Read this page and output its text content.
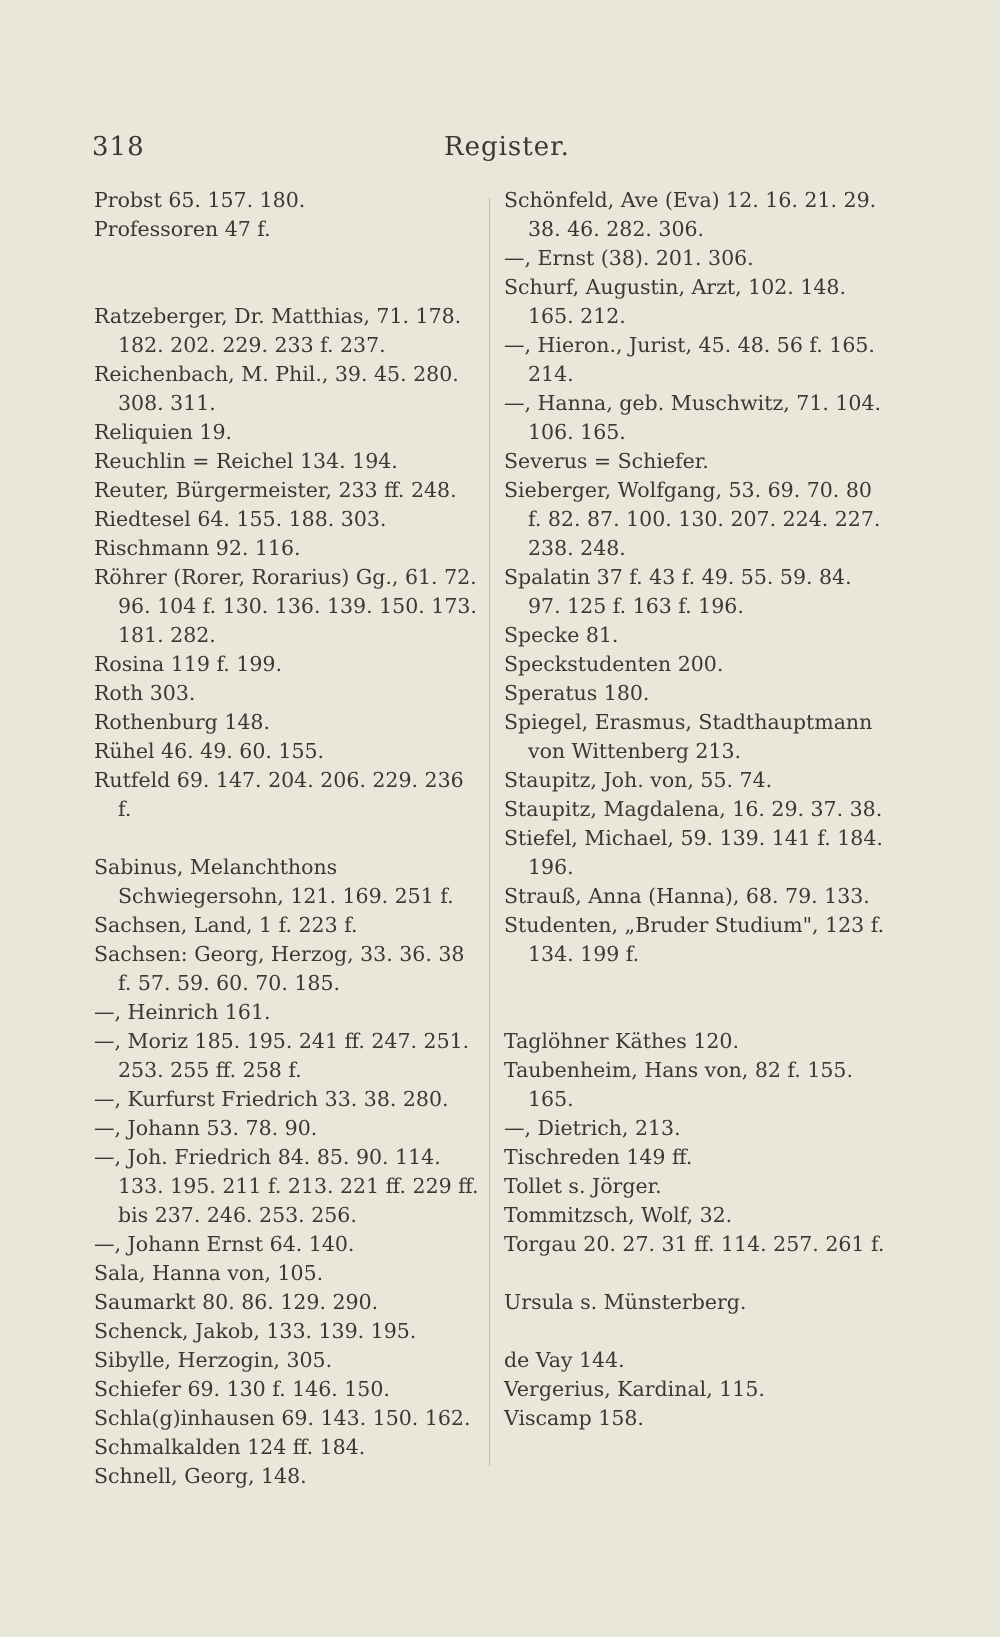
318	Register.

Probst 65. 157. 180.

Professoren 47 f.

Ratzeberger, Dr. Matthias, 71. 178. 182. 202. 229. 233 f. 237.

Reichenbach, M. Phil., 39. 45. 280. 308. 311.

Reliquien 19.

Reuchlin = Reichel 134. 194.

Reuter, Bürgermeister, 233 ff. 248.

Riedtesel 64. 155. 188. 303.

Rischmann 92. 116.

Röhrer (Rorer, Rorarius) Gg., 61. 72. 96. 104 f. 130. 136. 139. 150. 173. 181. 282.

Rosina 119 f. 199.

Roth 303.

Rothenburg 148.

Rühel 46. 49. 60. 155.

Rutfeld 69. 147. 204. 206. 229. 236 f.

Sabinus, Melanchthons Schwiegersohn, 121. 169. 251 f.

Sachsen, Land, 1 f. 223 f.

Sachsen: Georg, Herzog, 33. 36. 38 f. 57. 59. 60. 70. 185.

—, Heinrich 161.

—, Moriz 185. 195. 241 ff. 247. 251. 253. 255 ff. 258 f.

—, Kurfurst Friedrich 33. 38. 280.

—, Johann 53. 78. 90.

—, Joh. Friedrich 84. 85. 90. 114. 133. 195. 211 f. 213. 221 ff. 229 ff. bis 237. 246. 253. 256.

—, Johann Ernst 64. 140.

Sala, Hanna von, 105.

Saumarkt 80. 86. 129. 290.

Schenck, Jakob, 133. 139. 195.

Sibylle, Herzogin, 305.

Schiefer 69. 130 f. 146. 150.

Schla(g)inhausen 69. 143. 150. 162.

Schmalkalden 124 ff. 184.

Schnell, Georg, 148.

Schönfeld, Ave (Eva) 12. 16. 21. 29. 38. 46. 282. 306.

—, Ernst (38). 201. 306.

Schurf, Augustin, Arzt, 102. 148. 165. 212.

—, Hieron., Jurist, 45. 48. 56 f. 165. 214.

—, Hanna, geb. Muschwitz, 71. 104. 106. 165.

Severus = Schiefer.

Sieberger, Wolfgang, 53. 69. 70. 80 f. 82. 87. 100. 130. 207. 224. 227. 238. 248.

Spalatin 37 f. 43 f. 49. 55. 59. 84. 97. 125 f. 163 f. 196.

Specke 81.

Speckstudenten 200.

Speratus 180.

Spiegel, Erasmus, Stadthauptmann von Wittenberg 213.

Staupitz, Joh. von, 55. 74.

Staupitz, Magdalena, 16. 29. 37. 38.

Stiefel, Michael, 59. 139. 141 f. 184. 196.

Strauß, Anna (Hanna), 68. 79. 133.

Studenten, „Bruder Studium", 123 f. 134. 199 f.

Taglöhner Käthes 120.

Taubenheim, Hans von, 82 f. 155. 165.

—, Dietrich, 213.

Tischreden 149 ff.

Tollet s. Jörger.

Tommitzsch, Wolf, 32.

Torgau 20. 27. 31 ff. 114. 257. 261 f.

Ursula s. Münsterberg.

de Vay 144.

Vergerius, Kardinal, 115.

Viscamp 158.
